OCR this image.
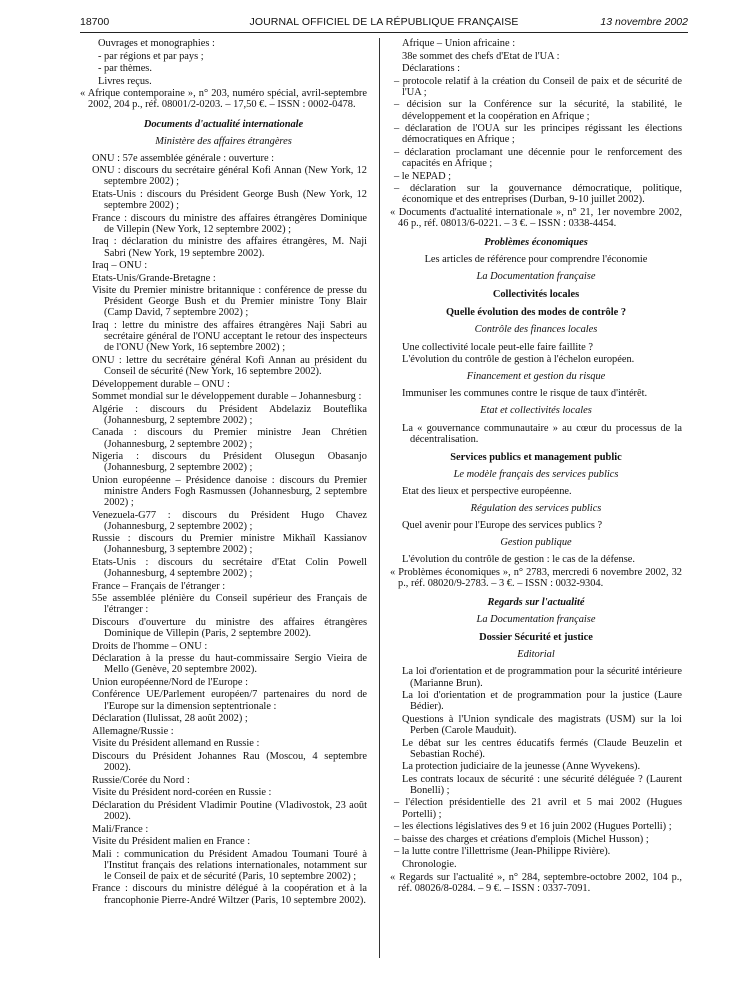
18700	JOURNAL OFFICIEL DE LA RÉPUBLIQUE FRANÇAISE	13 novembre 2002
Ouvrages et monographies :
- par régions et par pays ;
- par thèmes.
Livres reçus.
« Afrique contemporaine », n° 203, numéro spécial, avril-septembre 2002, 204 p., réf. 08001/2-0203. – 17,50 €. – ISSN : 0002-0478.
Documents d'actualité internationale
Ministère des affaires étrangères
ONU : 57e assemblée générale : ouverture :
ONU : discours du secrétaire général Kofi Annan (New York, 12 septembre 2002) ;
Etats-Unis : discours du Président George Bush (New York, 12 septembre 2002) ;
France : discours du ministre des affaires étrangères Dominique de Villepin (New York, 12 septembre 2002) ;
Iraq : déclaration du ministre des affaires étrangères, M. Naji Sabri (New York, 19 septembre 2002).
Iraq – ONU :
Etats-Unis/Grande-Bretagne :
Visite du Premier ministre britannique : conférence de presse du Président George Bush et du Premier ministre Tony Blair (Camp David, 7 septembre 2002) ;
Iraq : lettre du ministre des affaires étrangères Naji Sabri au secrétaire général de l'ONU acceptant le retour des inspecteurs de l'ONU (New York, 16 septembre 2002) ;
ONU : lettre du secrétaire général Kofi Annan au président du Conseil de sécurité (New York, 16 septembre 2002).
Développement durable – ONU :
Sommet mondial sur le développement durable – Johannesburg :
Algérie : discours du Président Abdelaziz Bouteflika (Johannesburg, 2 septembre 2002) ;
Canada : discours du Premier ministre Jean Chrétien (Johannesburg, 2 septembre 2002) ;
Nigeria : discours du Président Olusegun Obasanjo (Johannesburg, 2 septembre 2002) ;
Union européenne – Présidence danoise : discours du Premier ministre Anders Fogh Rasmussen (Johannesburg, 2 septembre 2002) ;
Venezuela-G77 : discours du Président Hugo Chavez (Johannesburg, 2 septembre 2002) ;
Russie : discours du Premier ministre Mikhaïl Kassianov (Johannesburg, 3 septembre 2002) ;
Etats-Unis : discours du secrétaire d'Etat Colin Powell (Johannesburg, 4 septembre 2002) ;
France – Français de l'étranger :
55e assemblée plénière du Conseil supérieur des Français de l'étranger :
Discours d'ouverture du ministre des affaires étrangères Dominique de Villepin (Paris, 2 septembre 2002).
Droits de l'homme – ONU :
Déclaration à la presse du haut-commissaire Sergio Vieira de Mello (Genève, 20 septembre 2002).
Union européenne/Nord de l'Europe :
Conférence UE/Parlement européen/7 partenaires du nord de l'Europe sur la dimension septentrionale :
Déclaration (Ilulissat, 28 août 2002) ;
Allemagne/Russie :
Visite du Président allemand en Russie :
Discours du Président Johannes Rau (Moscou, 4 septembre 2002).
Russie/Corée du Nord :
Visite du Président nord-coréen en Russie :
Déclaration du Président Vladimir Poutine (Vladivostok, 23 août 2002).
Mali/France :
Visite du Président malien en France :
Mali : communication du Président Amadou Toumani Touré à l'Institut français des relations internationales, notamment sur le Conseil de paix et de sécurité (Paris, 10 septembre 2002) ;
France : discours du ministre délégué à la coopération et à la francophonie Pierre-André Wiltzer (Paris, 10 septembre 2002).
Afrique – Union africaine :
38e sommet des chefs d'Etat de l'UA :
Déclarations :
– protocole relatif à la création du Conseil de paix et de sécurité de l'UA ;
– décision sur la Conférence sur la sécurité, la stabilité, le développement et la coopération en Afrique ;
– déclaration de l'OUA sur les principes régissant les élections démocratiques en Afrique ;
– déclaration proclamant une décennie pour le renforcement des capacités en Afrique ;
– le NEPAD ;
– déclaration sur la gouvernance démocratique, politique, économique et des entreprises (Durban, 9-10 juillet 2002).
« Documents d'actualité internationale », n° 21, 1er novembre 2002, 46 p., réf. 08013/6-0221. – 3 €. – ISSN : 0338-4454.
Problèmes économiques
Les articles de référence pour comprendre l'économie
La Documentation française
Collectivités locales
Quelle évolution des modes de contrôle ?
Contrôle des finances locales
Une collectivité locale peut-elle faire faillite ?
L'évolution du contrôle de gestion à l'échelon européen.
Financement et gestion du risque
Immuniser les communes contre le risque de taux d'intérêt.
Etat et collectivités locales
La « gouvernance communautaire » au cœur du processus de la décentralisation.
Services publics et management public
Le modèle français des services publics
Etat des lieux et perspective européenne.
Régulation des services publics
Quel avenir pour l'Europe des services publics ?
Gestion publique
L'évolution du contrôle de gestion : le cas de la défense.
« Problèmes économiques », n° 2783, mercredi 6 novembre 2002, 32 p., réf. 08020/9-2783. – 3 €. – ISSN : 0032-9304.
Regards sur l'actualité
La Documentation française
Dossier Sécurité et justice
Editorial
La loi d'orientation et de programmation pour la sécurité intérieure (Marianne Brun).
La loi d'orientation et de programmation pour la justice (Laure Bédier).
Questions à l'Union syndicale des magistrats (USM) sur la loi Perben (Carole Mauduit).
Le débat sur les centres éducatifs fermés (Claude Beuzelin et Sebastian Roché).
La protection judiciaire de la jeunesse (Anne Wyvekens).
Les contrats locaux de sécurité : une sécurité déléguée ? (Laurent Bonelli) ;
– l'élection présidentielle des 21 avril et 5 mai 2002 (Hugues Portelli) ;
– les élections législatives des 9 et 16 juin 2002 (Hugues Portelli) ;
– baisse des charges et créations d'emplois (Michel Husson) ;
– la lutte contre l'illettrisme (Jean-Philippe Rivière).
Chronologie.
« Regards sur l'actualité », n° 284, septembre-octobre 2002, 104 p., réf. 08026/8-0284. – 9 €. – ISSN : 0337-7091.
